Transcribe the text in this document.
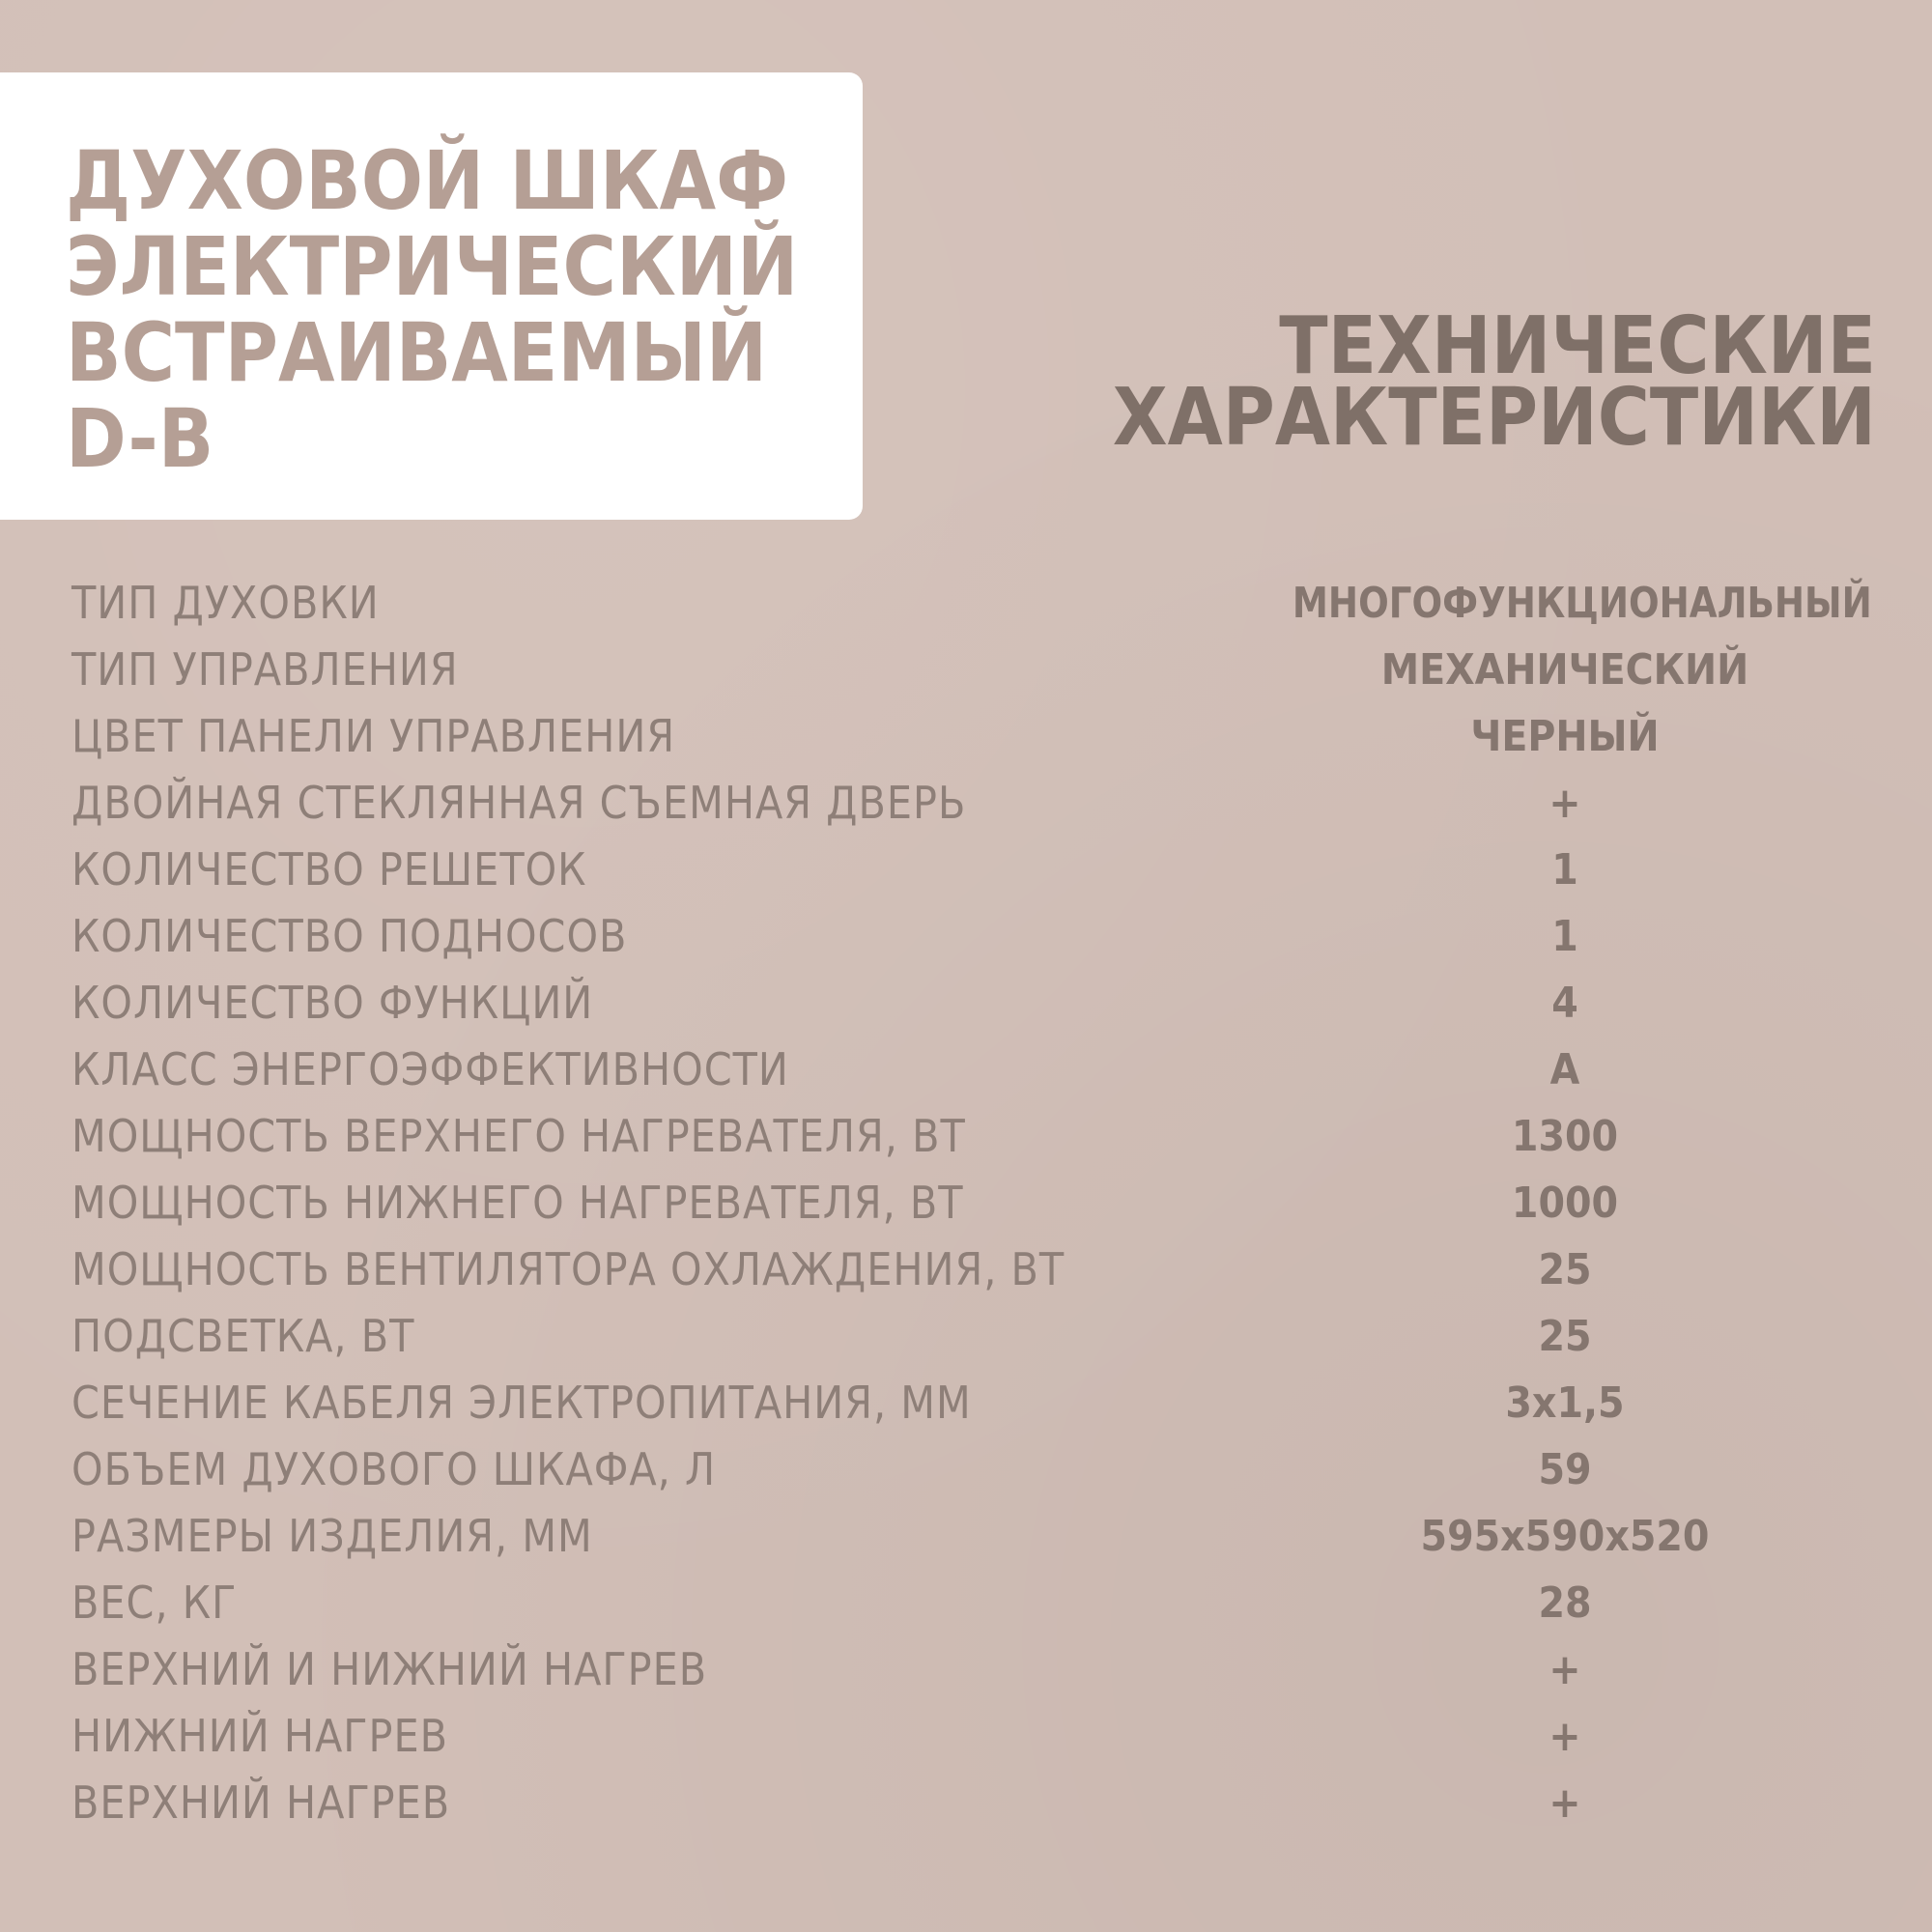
ДУХОВОЙ ШКАФ
ЭЛЕКТРИЧЕСКИЙ
ВСТРАИВАЕМЫЙ
D-B
ТЕХНИЧЕСКИЕ
ХАРАКТЕРИСТИКИ
ТИП ДУХОВКИ	МНОГОФУНКЦИОНАЛЬНЫЙ
ТИП УПРАВЛЕНИЯ	МЕХАНИЧЕСКИЙ
ЦВЕТ ПАНЕЛИ УПРАВЛЕНИЯ	ЧЕРНЫЙ
ДВОЙНАЯ СТЕКЛЯННАЯ СЪЕМНАЯ ДВЕРЬ	+
КОЛИЧЕСТВО РЕШЕТОК	1
КОЛИЧЕСТВО ПОДНОСОВ	1
КОЛИЧЕСТВО ФУНКЦИЙ	4
КЛАСС ЭНЕРГОЭФФЕКТИВНОСТИ	А
МОЩНОСТЬ ВЕРХНЕГО НАГРЕВАТЕЛЯ, ВТ	1300
МОЩНОСТЬ НИЖНЕГО НАГРЕВАТЕЛЯ, ВТ	1000
МОЩНОСТЬ ВЕНТИЛЯТОРА ОХЛАЖДЕНИЯ, ВТ	25
ПОДСВЕТКА, ВТ	25
СЕЧЕНИЕ КАБЕЛЯ ЭЛЕКТРОПИТАНИЯ, ММ	3x1,5
ОБЪЕМ ДУХОВОГО ШКАФА, Л	59
РАЗМЕРЫ ИЗДЕЛИЯ, ММ	595x590x520
ВЕС, КГ	28
ВЕРХНИЙ И НИЖНИЙ НАГРЕВ	+
НИЖНИЙ НАГРЕВ	+
ВЕРХНИЙ НАГРЕВ	+
